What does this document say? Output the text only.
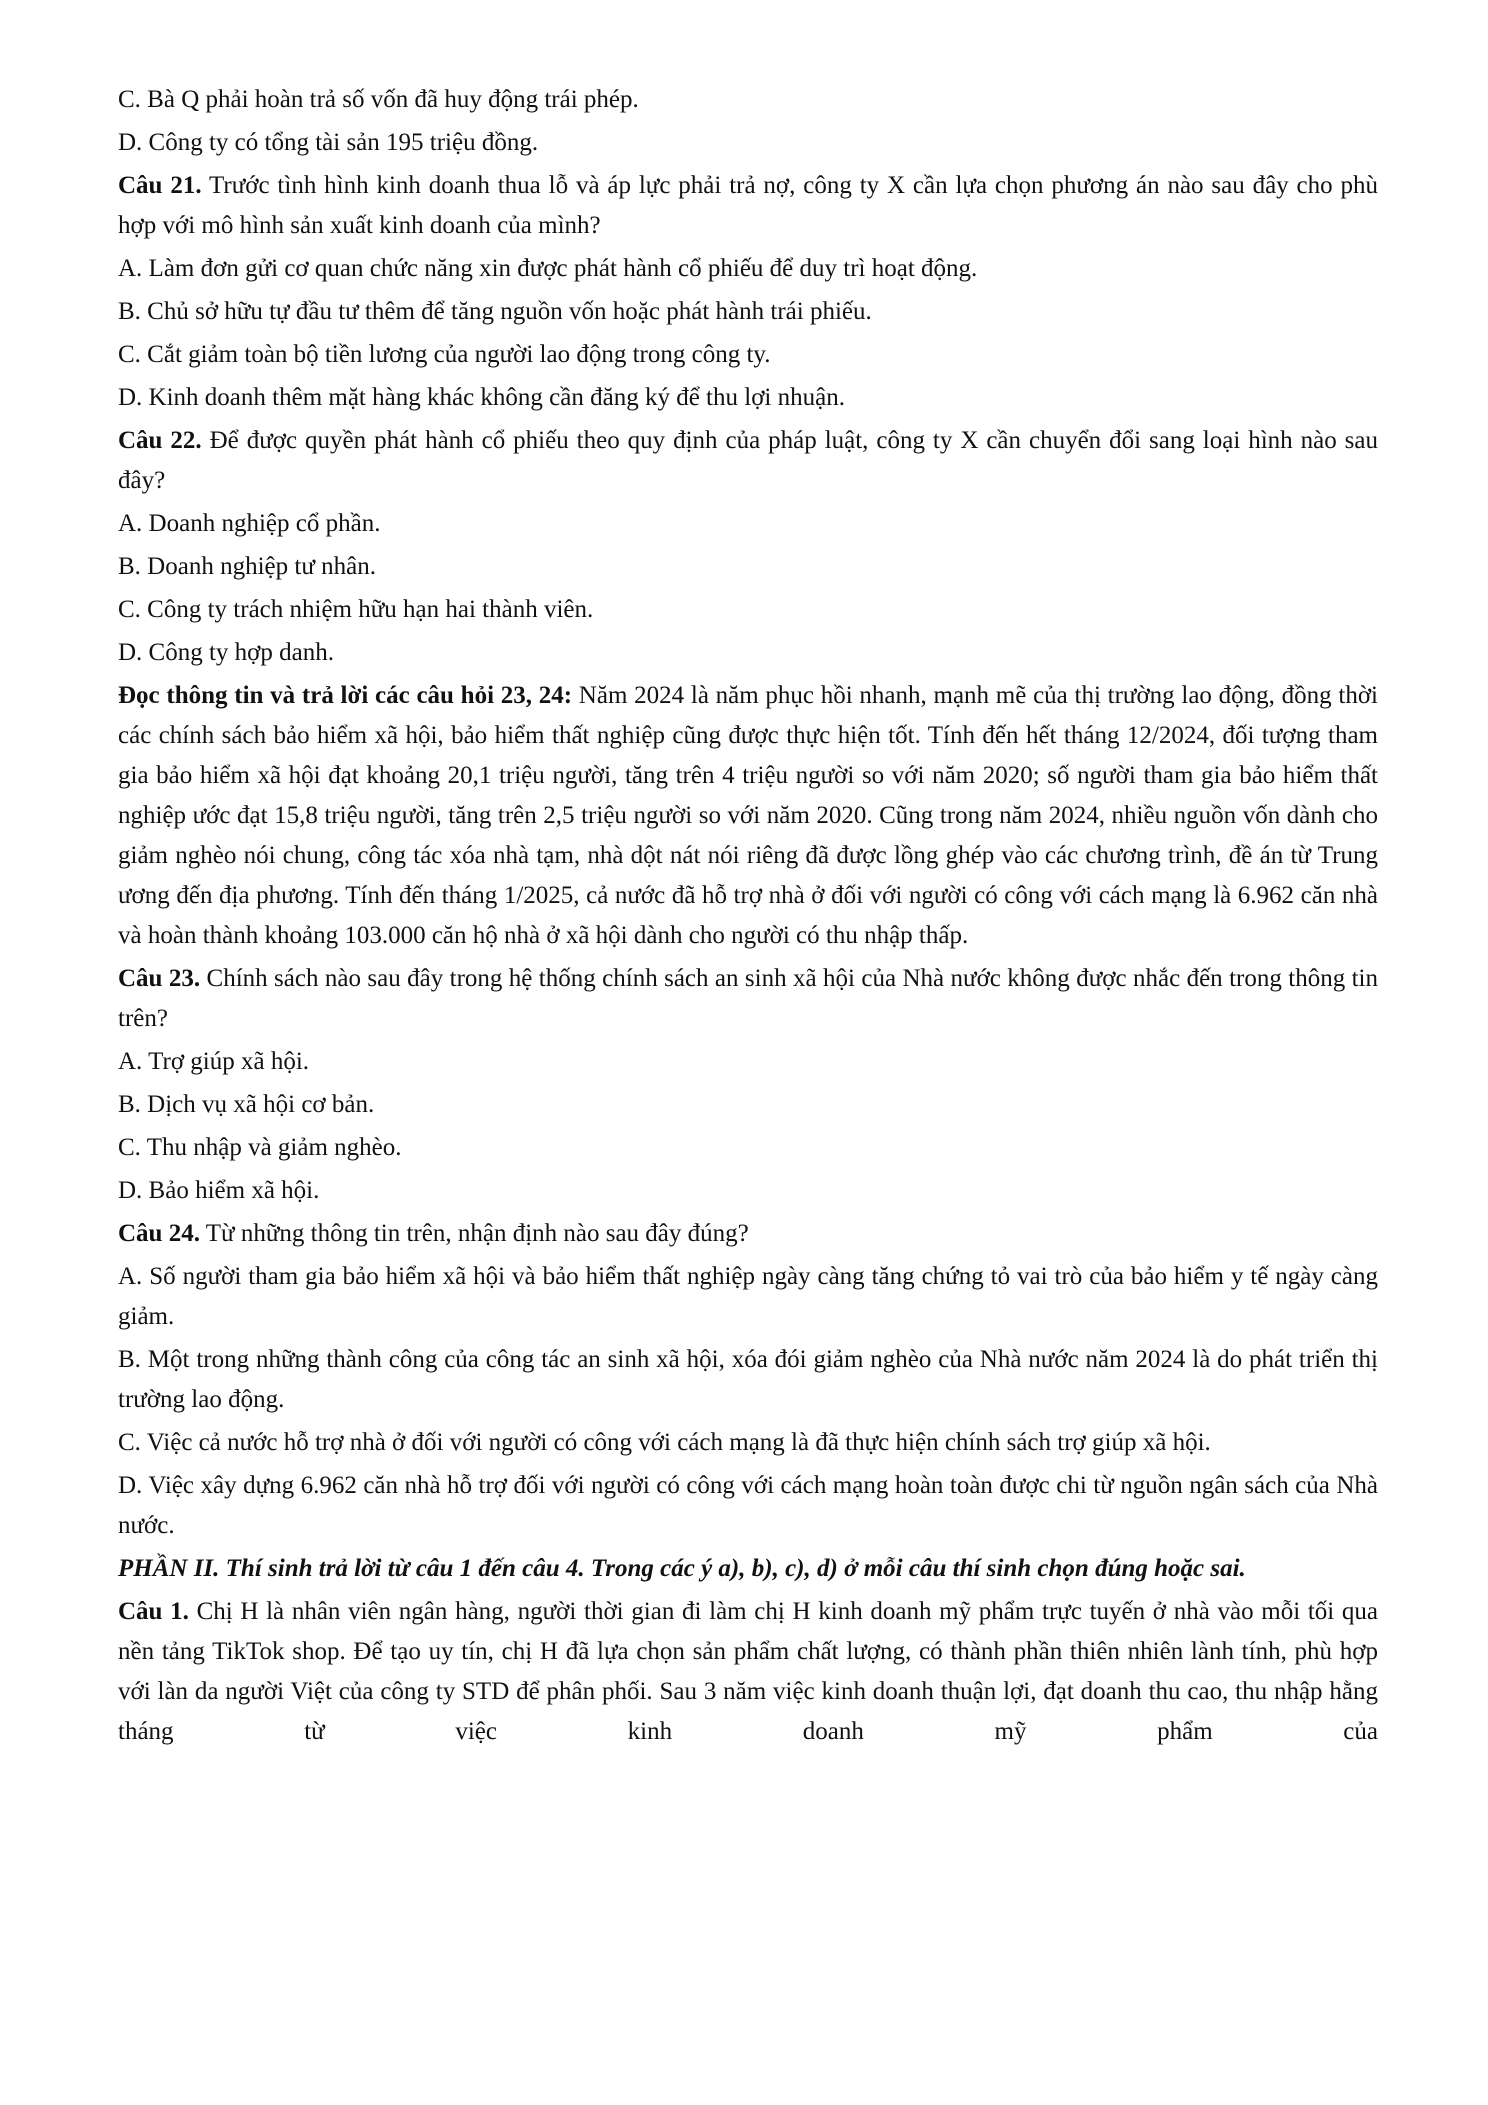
C. Bà Q phải hoàn trả số vốn đã huy động trái phép.
D. Công ty có tổng tài sản 195 triệu đồng.
Câu 21. Trước tình hình kinh doanh thua lỗ và áp lực phải trả nợ, công ty X cần lựa chọn phương án nào sau đây cho phù hợp với mô hình sản xuất kinh doanh của mình?
A. Làm đơn gửi cơ quan chức năng xin được phát hành cổ phiếu để duy trì hoạt động.
B. Chủ sở hữu tự đầu tư thêm để tăng nguồn vốn hoặc phát hành trái phiếu.
C. Cắt giảm toàn bộ tiền lương của người lao động trong công ty.
D. Kinh doanh thêm mặt hàng khác không cần đăng ký để thu lợi nhuận.
Câu 22. Để được quyền phát hành cổ phiếu theo quy định của pháp luật, công ty X cần chuyển đổi sang loại hình nào sau đây?
A. Doanh nghiệp cổ phần.
B. Doanh nghiệp tư nhân.
C. Công ty trách nhiệm hữu hạn hai thành viên.
D. Công ty hợp danh.
Đọc thông tin và trả lời các câu hỏi 23, 24: Năm 2024 là năm phục hồi nhanh, mạnh mẽ của thị trường lao động, đồng thời các chính sách bảo hiểm xã hội, bảo hiểm thất nghiệp cũng được thực hiện tốt. Tính đến hết tháng 12/2024, đối tượng tham gia bảo hiểm xã hội đạt khoảng 20,1 triệu người, tăng trên 4 triệu người so với năm 2020; số người tham gia bảo hiểm thất nghiệp ước đạt 15,8 triệu người, tăng trên 2,5 triệu người so với năm 2020. Cũng trong năm 2024, nhiều nguồn vốn dành cho giảm nghèo nói chung, công tác xóa nhà tạm, nhà dột nát nói riêng đã được lồng ghép vào các chương trình, đề án từ Trung ương đến địa phương. Tính đến tháng 1/2025, cả nước đã hỗ trợ nhà ở đối với người có công với cách mạng là 6.962 căn nhà và hoàn thành khoảng 103.000 căn hộ nhà ở xã hội dành cho người có thu nhập thấp.
Câu 23. Chính sách nào sau đây trong hệ thống chính sách an sinh xã hội của Nhà nước không được nhắc đến trong thông tin trên?
A. Trợ giúp xã hội.
B. Dịch vụ xã hội cơ bản.
C. Thu nhập và giảm nghèo.
D. Bảo hiểm xã hội.
Câu 24. Từ những thông tin trên, nhận định nào sau đây đúng?
A. Số người tham gia bảo hiểm xã hội và bảo hiểm thất nghiệp ngày càng tăng chứng tỏ vai trò của bảo hiểm y tế ngày càng giảm.
B. Một trong những thành công của công tác an sinh xã hội, xóa đói giảm nghèo của Nhà nước năm 2024 là do phát triển thị trường lao động.
C. Việc cả nước hỗ trợ nhà ở đối với người có công với cách mạng là đã thực hiện chính sách trợ giúp xã hội.
D. Việc xây dựng 6.962 căn nhà hỗ trợ đối với người có công với cách mạng hoàn toàn được chi từ nguồn ngân sách của Nhà nước.
PHẦN II. Thí sinh trả lời từ câu 1 đến câu 4. Trong các ý a), b), c), d) ở mỗi câu thí sinh chọn đúng hoặc sai.
Câu 1. Chị H là nhân viên ngân hàng, người thời gian đi làm chị H kinh doanh mỹ phẩm trực tuyến ở nhà vào mỗi tối qua nền tảng TikTok shop. Để tạo uy tín, chị H đã lựa chọn sản phẩm chất lượng, có thành phần thiên nhiên lành tính, phù hợp với làn da người Việt của công ty STD để phân phối. Sau 3 năm việc kinh doanh thuận lợi, đạt doanh thu cao, thu nhập hằng tháng từ việc kinh doanh mỹ phẩm của
